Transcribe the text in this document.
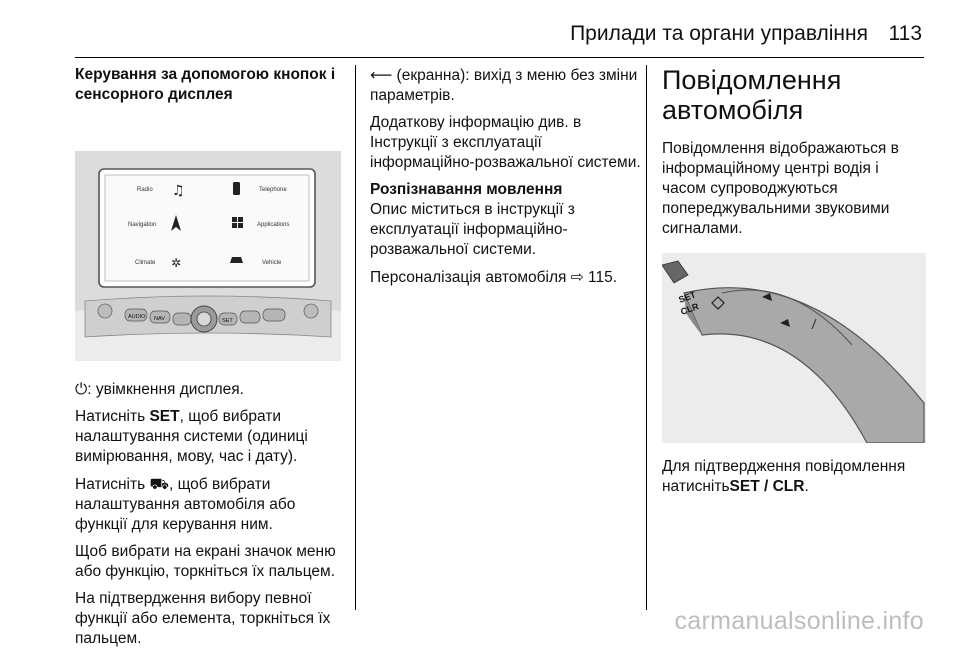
Прилади та органи управління 113
Керування за допомогою кнопок і сенсорного дисплея
Radio ♫	Telephone
Navigation	Applications
Climate ✲	Vehicle
AUDIO NAV	SET

⏻: увімкнення дисплея.

Натисніть SET, щоб вибрати налаштування системи (одиниці вимірювання, мову, час і дату).

Натисніть ⛟, щоб вибрати налаштування автомобіля або функції для керування ним.

Щоб вибрати на екрані значок меню або функцію, торкніться їх пальцем.

На підтвердження вибору певної функції або елемента, торкніться їх пальцем.

⟵ (екранна): вихід з меню без зміни параметрів.

Додаткову інформацію див. в Інструкції з експлуатації інформаційно-розважальної системи.

Розпізнавання мовлення

Опис міститься в інструкції з експлуатації інформаційно-розважальної системи.

Персоналізація автомобіля ⇨ 115.

Повідомлення автомобіля

Повідомлення відображаються в інформаційному центрі водія і часом супроводжуються попереджувальними звуковими сигналами.

SET
CLR

Для підтвердження повідомлення натиснітьSET / CLR.

carmanualsonline.info
